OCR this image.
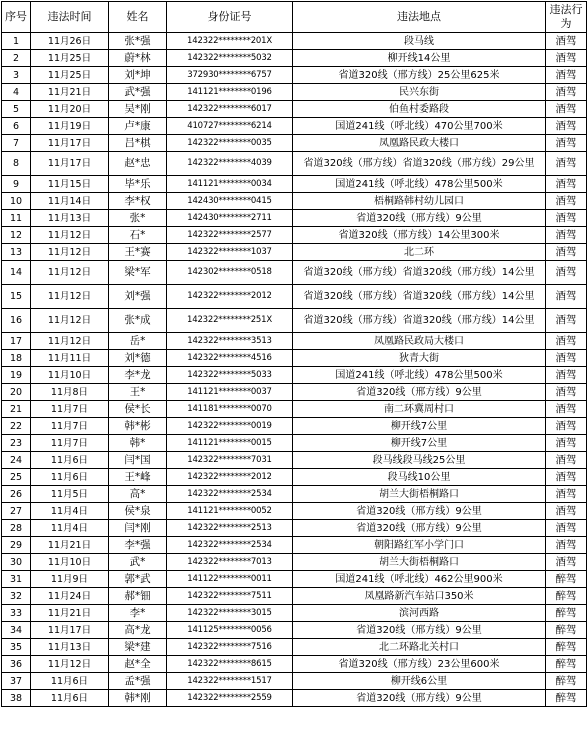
序号	违法时间	姓名	身份证号	违法地点	违法行为
1	11月26日	张*强	142322********201X	段马线	酒驾
2	11月25日	蔚*林	142322********5032	柳开线14公里	酒驾
3	11月25日	刘*坤	372930********6757	省道320线（邢方线）25公里625米	酒驾
4	11月21日	武*强	141121********0196	民兴东街	酒驾
5	11月20日	吴*刚	142322********6017	伯鱼村委路段	酒驾
6	11月19日	卢*康	410727********6214	国道241线（呼北线）470公里700米	酒驾
7	11月17日	吕*棋	142322********0035	凤凰路民政大楼口	酒驾
8	11月17日	赵*忠	142322********4039	省道320线（邢方线）省道320线（邢方线）29公里	酒驾
9	11月15日	毕*乐	141121********0034	国道241线（呼北线）478公里500米	酒驾
10	11月14日	李*权	142430********0415	梧桐路韩村幼儿园口	酒驾
11	11月13日	张*	142430********2711	省道320线（邢方线）9公里	酒驾
12	11月12日	石*	142322********2577	省道320线（邢方线）14公里300米	酒驾
13	11月12日	王*赛	142322********1037	北二环	酒驾
14	11月12日	梁*军	142302********0518	省道320线（邢方线）省道320线（邢方线）14公里	酒驾
15	11月12日	刘*强	142322********2012	省道320线（邢方线）省道320线（邢方线）14公里	酒驾
16	11月12日	张*成	142322********251X	省道320线（邢方线）省道320线（邢方线）14公里	酒驾
17	11月12日	岳*	142322********3513	凤凰路民政局大楼口	酒驾
18	11月11日	刘*德	142322********4516	狄青大街	酒驾
19	11月10日	李*龙	142322********5033	国道241线（呼北线）478公里500米	酒驾
20	11月8日	王*	141121********0037	省道320线（邢方线）9公里	酒驾
21	11月7日	侯*长	141181********0070	南二环冀周村口	酒驾
22	11月7日	韩*彬	142322********0019	柳开线7公里	酒驾
23	11月7日	韩*	141121********0015	柳开线7公里	酒驾
24	11月6日	闫*国	142322********7031	段马线段马线25公里	酒驾
25	11月6日	王*峰	142322********2012	段马线10公里	酒驾
26	11月5日	高*	142322********2534	胡兰大街梧桐路口	酒驾
27	11月4日	侯*泉	141121********0052	省道320线（邢方线）9公里	酒驾
28	11月4日	闫*刚	142322********2513	省道320线（邢方线）9公里	酒驾
29	11月21日	李*强	142322********2534	朝阳路红军小学门口	酒驾
30	11月10日	武*	142322********7013	胡兰大街梧桐路口	酒驾
31	11月9日	郭*武	141122********0011	国道241线（呼北线）462公里900米	醉驾
32	11月24日	郝*钿	142322********7511	凤凰路新汽车站口350米	醉驾
33	11月21日	李*	142322********3015	滨河西路	醉驾
34	11月17日	高*龙	141125********0056	省道320线（邢方线）9公里	醉驾
35	11月13日	梁*建	142322********7516	北二环路北关村口	醉驾
36	11月12日	赵*全	142322********8615	省道320线（邢方线）23公里600米	醉驾
37	11月6日	孟*强	142322********1517	柳开线6公里	醉驾
38	11月6日	韩*刚	142322********2559	省道320线（邢方线）9公里	醉驾
